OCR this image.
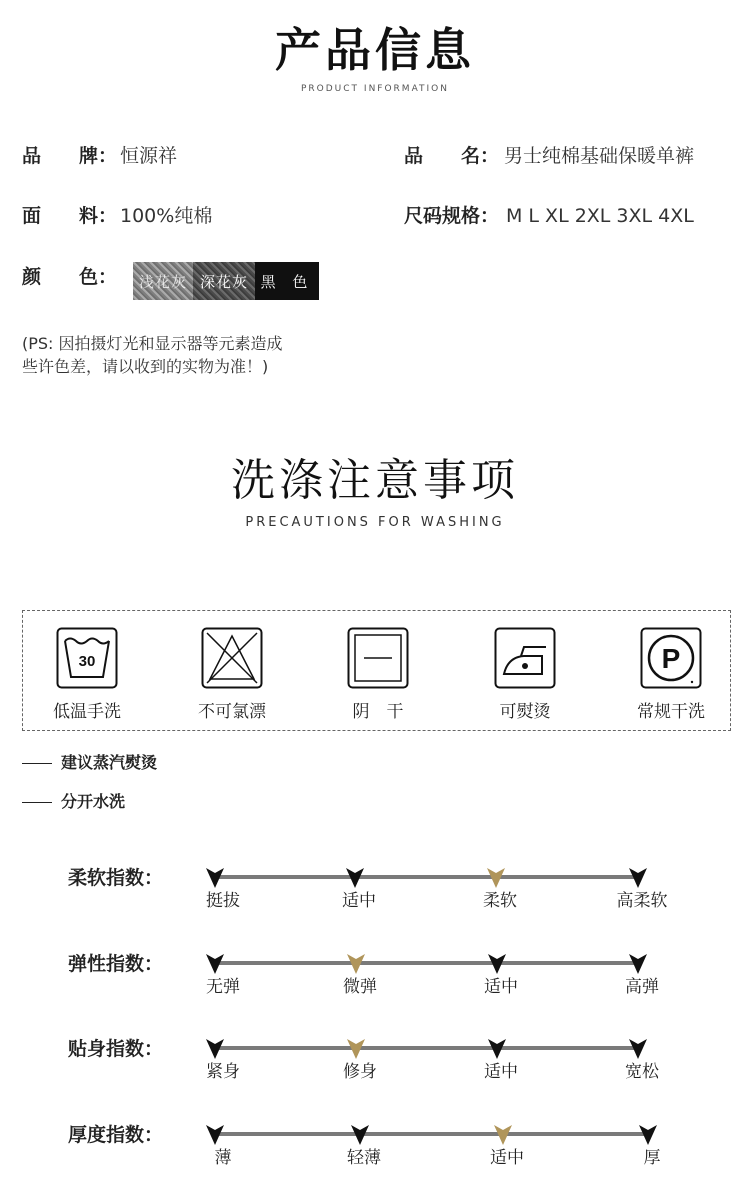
产品信息
PRODUCT INFORMATION
品　　牌： 恒源祥	品　　名： 男士纯棉基础保暖单裤
面　　料： 100%纯棉	尺码规格： M L XL 2XL 3XL 4XL
颜　　色：	浅花灰 深花灰 黑 色
(PS: 因拍摄灯光和显示器等元素造成
些许色差，请以收到的实物为准！)
洗涤注意事项
PRECAUTIONS FOR WASHING
30
低温手洗	不可氯漂	阴　干	可熨烫
P
常规干洗
建议蒸汽熨烫
分开水洗
柔软指数：
挺拔	适中	柔软	高柔软
弹性指数：
无弹	微弹	适中	高弹
贴身指数：
紧身	修身	适中	宽松
厚度指数：
薄	轻薄	适中	厚
